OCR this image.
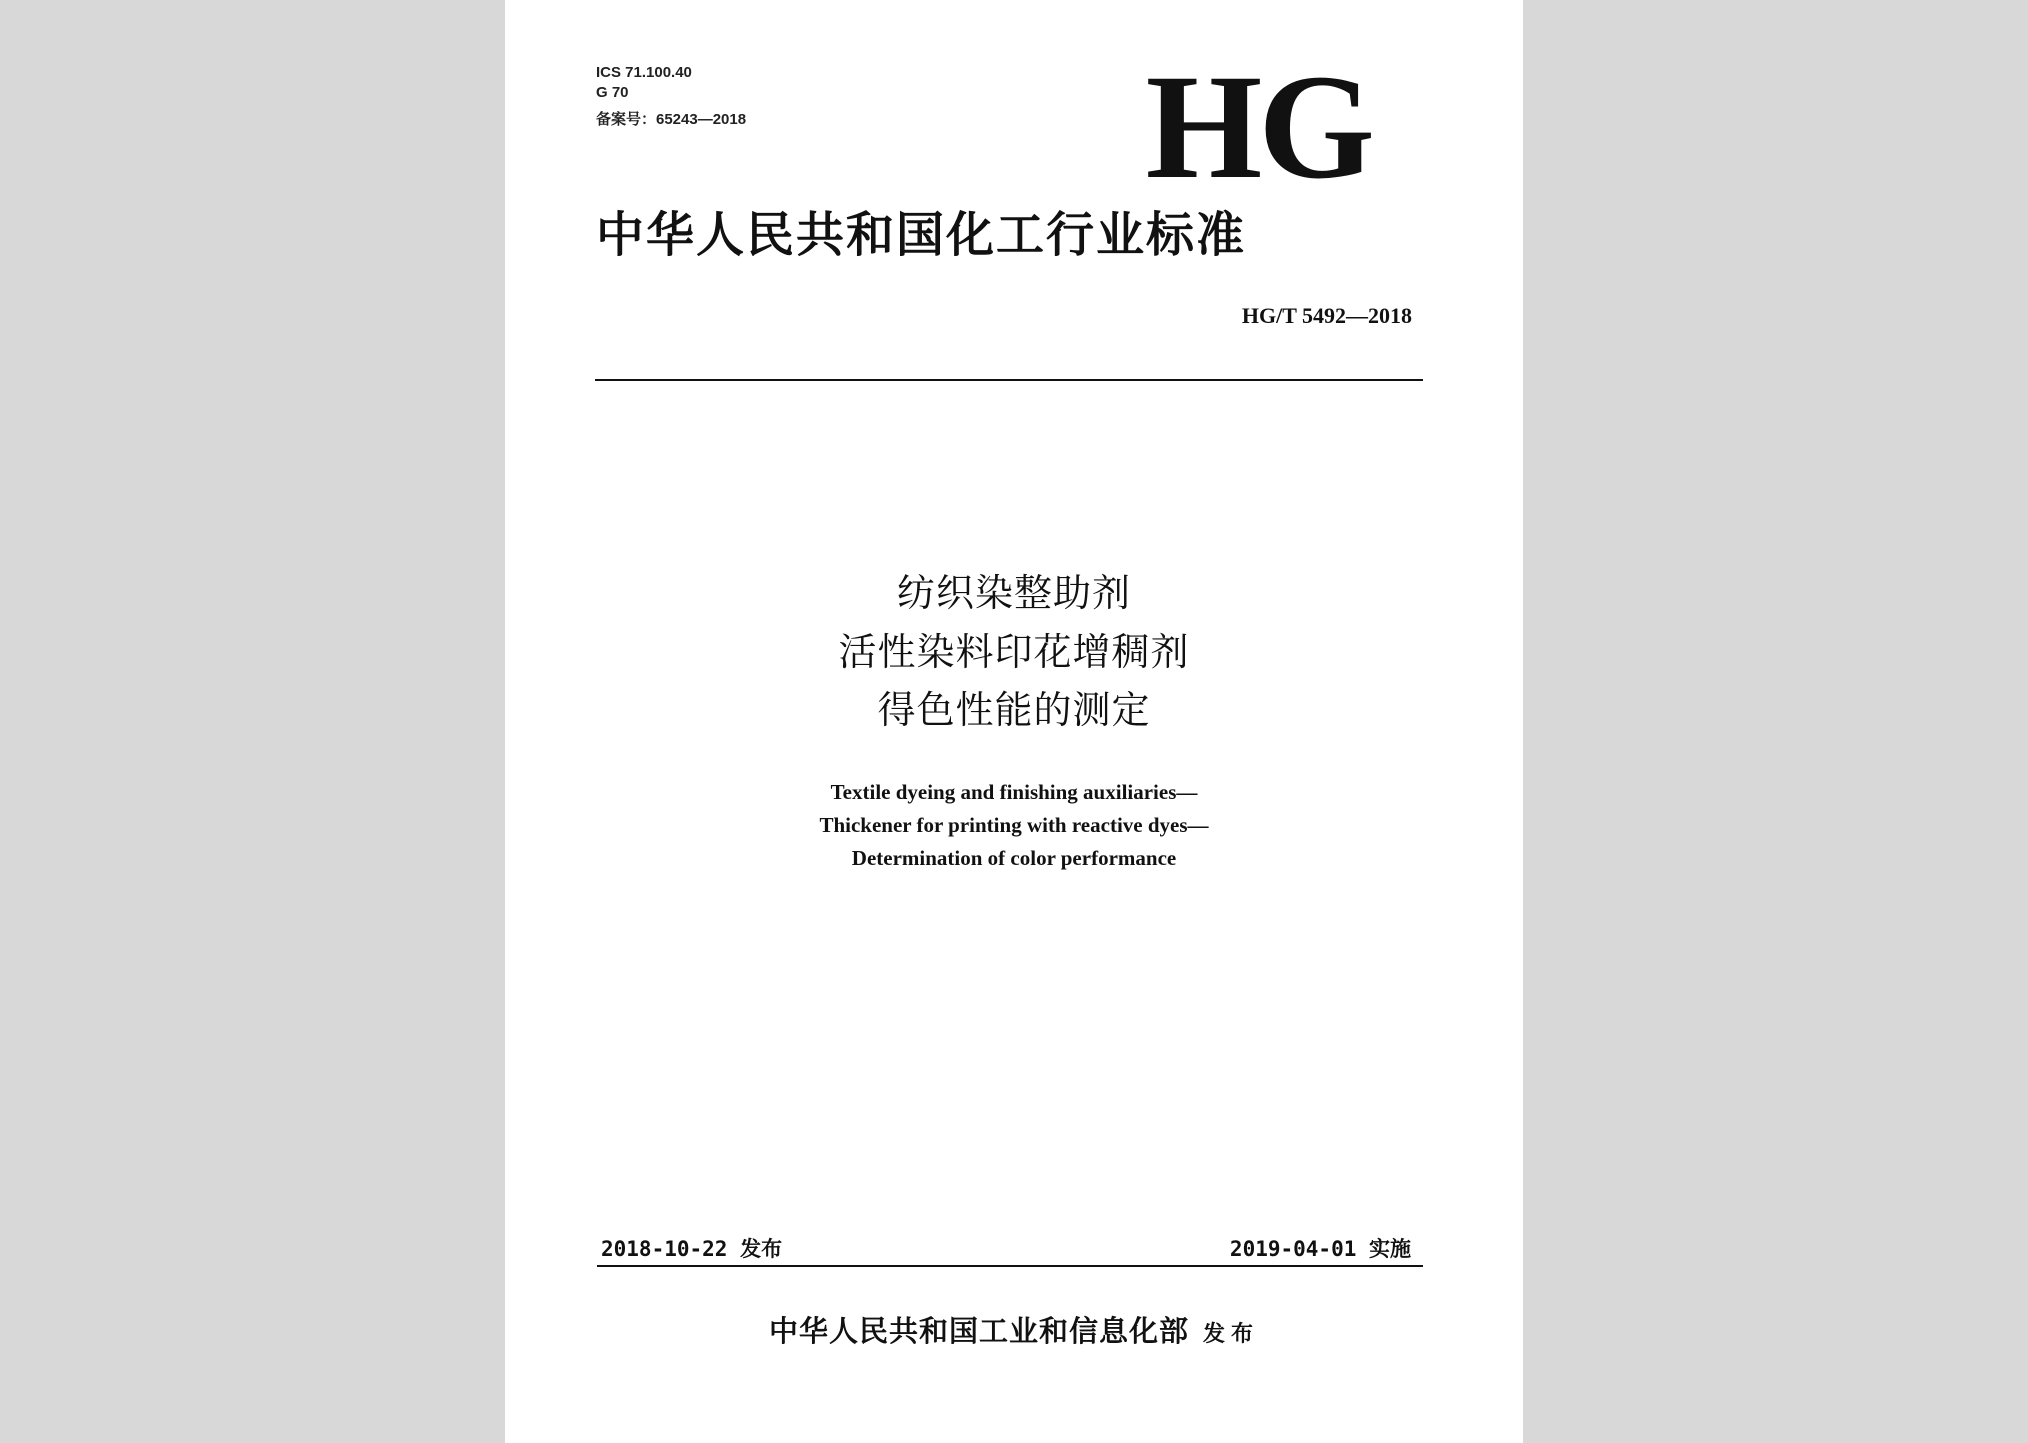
ICS 71.100.40
G 70
备案号：65243—2018	HG
中华人民共和国化工行业标准
HG/T 5492—2018
纺织染整助剂
活性染料印花增稠剂
得色性能的测定
Textile dyeing and finishing auxiliaries—
Thickener for printing with reactive dyes—
Determination of color performance
2018-10-22 发布	2019-04-01 实施
中华人民共和国工业和信息化部 发布
